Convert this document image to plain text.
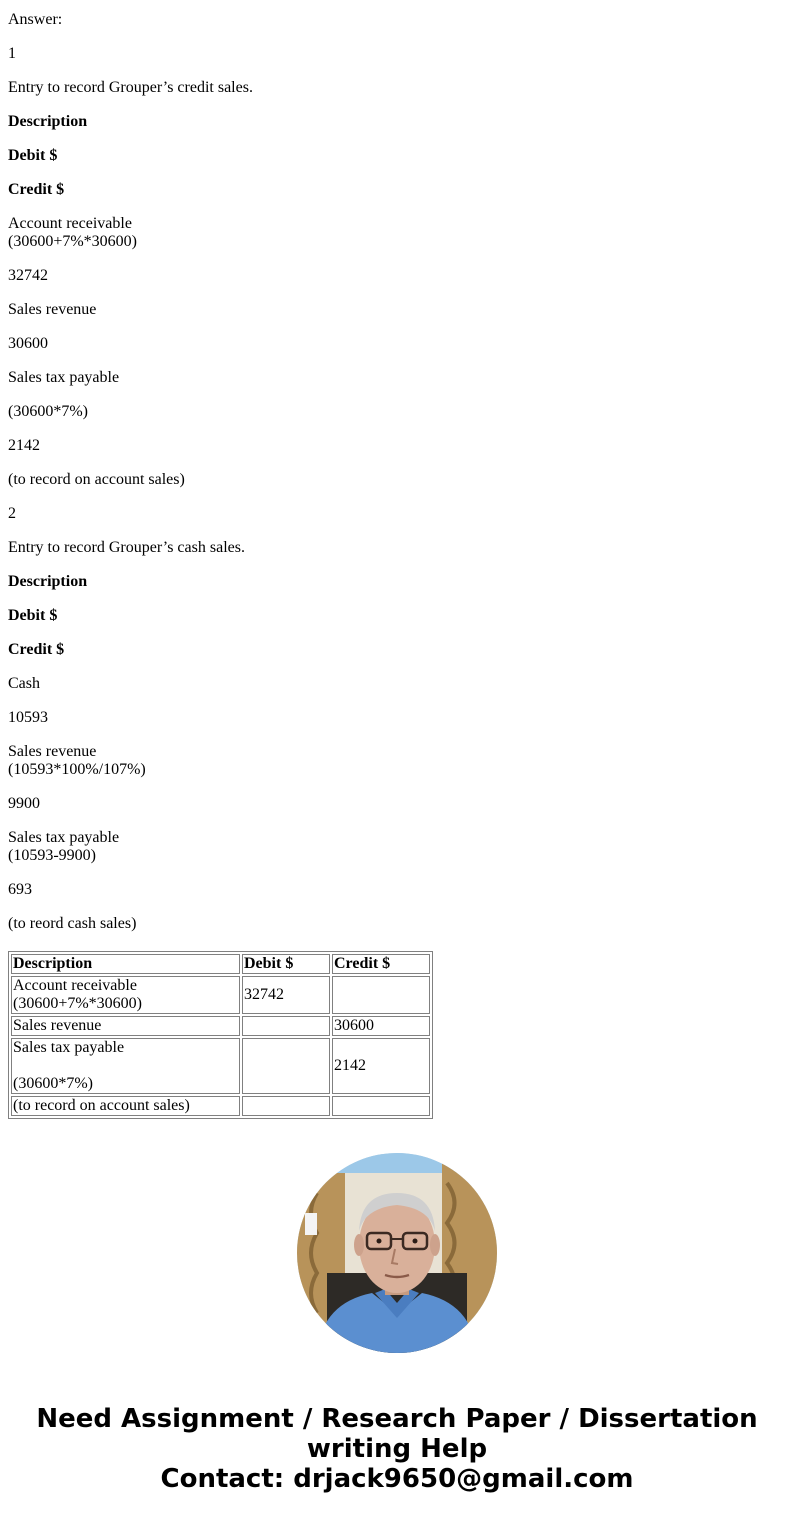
Answer:

1

Entry to record Grouper’s credit sales.

Description

Debit $

Credit $

Account receivable
(30600+7%*30600)

32742

Sales revenue

30600

Sales tax payable

(30600*7%)

2142

(to record on account sales)

2

Entry to record Grouper’s cash sales.

Description

Debit $

Credit $

Cash

10593

Sales revenue
(10593*100%/107%)

9900

Sales tax payable
(10593-9900)

693

(to reord cash sales)

Description	Debit $	Credit $
Account receivable
(30600+7%*30600)	32742	
Sales revenue		30600
Sales tax payable

(30600*7%)		2142
(to record on account sales)		
Need Assignment / Research Paper / Dissertation
writing Help
Contact: drjack9650@gmail.com
